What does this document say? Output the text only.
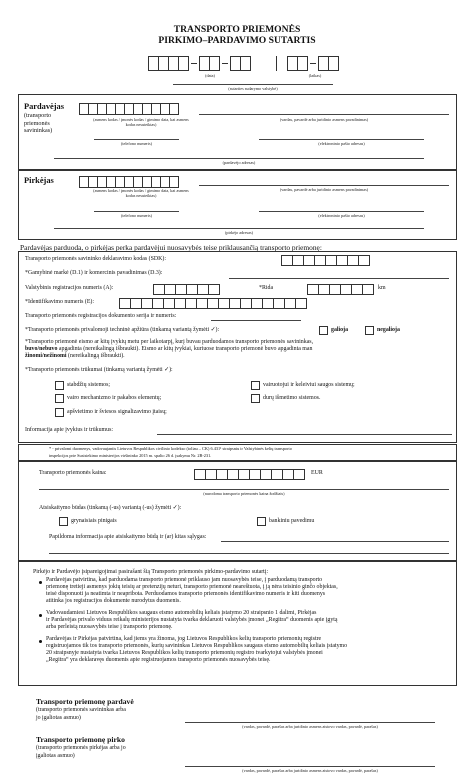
TRANSPORTO PRIEMONĖS
PIRKIMO–PARDAVIMO SUTARTIS
(data)	(laikas)
(sutarties sudarymo valstybė)
Pardavėjas
(transporto priemonės savininkas)
(asmens kodas / įmonės kodas / gimimo data, kai asmens kodas nesuteiktas)
(vardas, pavardė arba juridinio asmens pavadinimas)
(telefono numeris)	(elektroninio pašto adresas)
(pardavėjo adresas)
Pirkėjas
(asmens kodas / įmonės kodas / gimimo data, kai asmens kodas nesuteiktas)
(vardas, pavardė arba juridinio asmens pavadinimas)
(telefono numeris)	(elektroninio pašto adresas)
(pirkėjo adresas)
Pardavėjas parduoda, o pirkėjas perka pardavėjui nuosavybės teise priklausančią transporto priemonę:
Transporto priemonės savininko deklaravimo kodas (SDK):
*Gamybinė markė (D.1) ir komercinis pavadinimas (D.3):
Valstybinis registracijos numeris (A):	*Rida	km
*Identifikavimo numeris (E):
Transporto priemonės registracijos dokumento serija ir numeris:
*Transporto priemonės privalomoji techninė apžiūra (tinkamą variantą žymėti ✓):	galioja	negalioja
*Transporto priemonė eismo ar kitų įvykių metu per laikotarpį, kurį buvau parduodamos transporto priemonės savininkas,
buvo/nebuvo apgadinta (nereikalingą išbraukti). Eismo ar kitų įvykiai, kuriuose transporto priemonė buvo apgadinta man
žinomi/nežinomi (nereikalingą išbraukti).
*Transporto priemonės trūkumai (tinkamą variantą žymėti ✓):
stabdžių sistemos;	vairuotojui ir keleiviui saugos sistemų;
vairo mechanizmo ir pakabos elementų;	durų išmetimo sistemos.
apšvietimo ir šviesos signalizavimo įtaisų;
Informacija apie įvykius ir trūkumus:
* - privalomi duomenys, vadovaujantis Lietuvos Respublikos civilinio kodekso (toliau – CK) 6.431¹ straipsniu ir Valstybinės kelių transporto
inspekcijos prie Susisiekimo ministerijos viršininko 2015 m. spalio 26 d. įsakymu Nr. 2B-231.
Transporto priemonės kaina:	EUR
(nurodoma transporto priemonės kaina žodžiais)
Atsiskaitymo būdas (tinkamą (-us) variantą (-us) žymėti ✓):
grynaisiais pinigais	bankiniu pavedimu
Papildoma informacija apie atsiskaitymo būdą ir (ar) kitas sąlygas:
Pirkėjo ir Pardavėjo įsipareigojimai pasirašant šią Transporto priemonės pirkimo-pardavimo sutartį:
Pardavėjas patvirtina, kad parduodama transporto priemonė priklauso jam nuosavybės teise, į parduodamą transporto
priemonę tretieji asmenys jokių teisių ar pretenzijų neturi, transporto priemonė neareštuota, į ją nėra teisinio ginčo objektas,
teisė disponuoti ja neatimta ir neapribota. Perduodamos transporto priemonės identifikavimo numeris ir kiti duomenys
atitinka jos registracijos dokumente nurodytus duomenis.
Vadovaudamiesi Lietuvos Respublikos saugaus eismo automobilių keliais įstatymo 20 straipsnio 1 dalimi, Pirkėjas
ir Pardavėjas privalo viduus reikalų ministerijos nustatyta tvarka deklaruoti valstybės įmonei „Regitra“ duomenis apie įgytą
arba perleistą nuosavybės teise į transporto priemonę.
Pardavėjas ir Pirkėjas patvirtina, kad jiems yra žinoma, jog Lietuvos Respublikos kelių transporto priemonių registre
registruojamos tik tos transporto priemonės, kurių savininkas Lietuvos Respublikos saugaus eismo automobilių keliais įstatymo
20 straipsnyje nustatyta tvarka Lietuvos Respublikos kelių transporto priemonių registro tvarkytojui valstybės įmonei
„Regitra“ yra deklaravęs duomenis apie registruojamos transporto priemonės nuosavybės teisę.
Transporto priemonę pardavė
(transporto priemonės savininkas arba
jo įgaliotas asmuo)
(vardas, pavardė, parašas arba juridinio asmens atstovo vardas, pavardė, parašas)
Transporto priemonę pirko
(transporto priemonės pirkėjas arba jo
įgaliotas asmuo)
(vardas, pavardė, parašas arba juridinio asmens atstovo vardas, pavardė, parašas)
